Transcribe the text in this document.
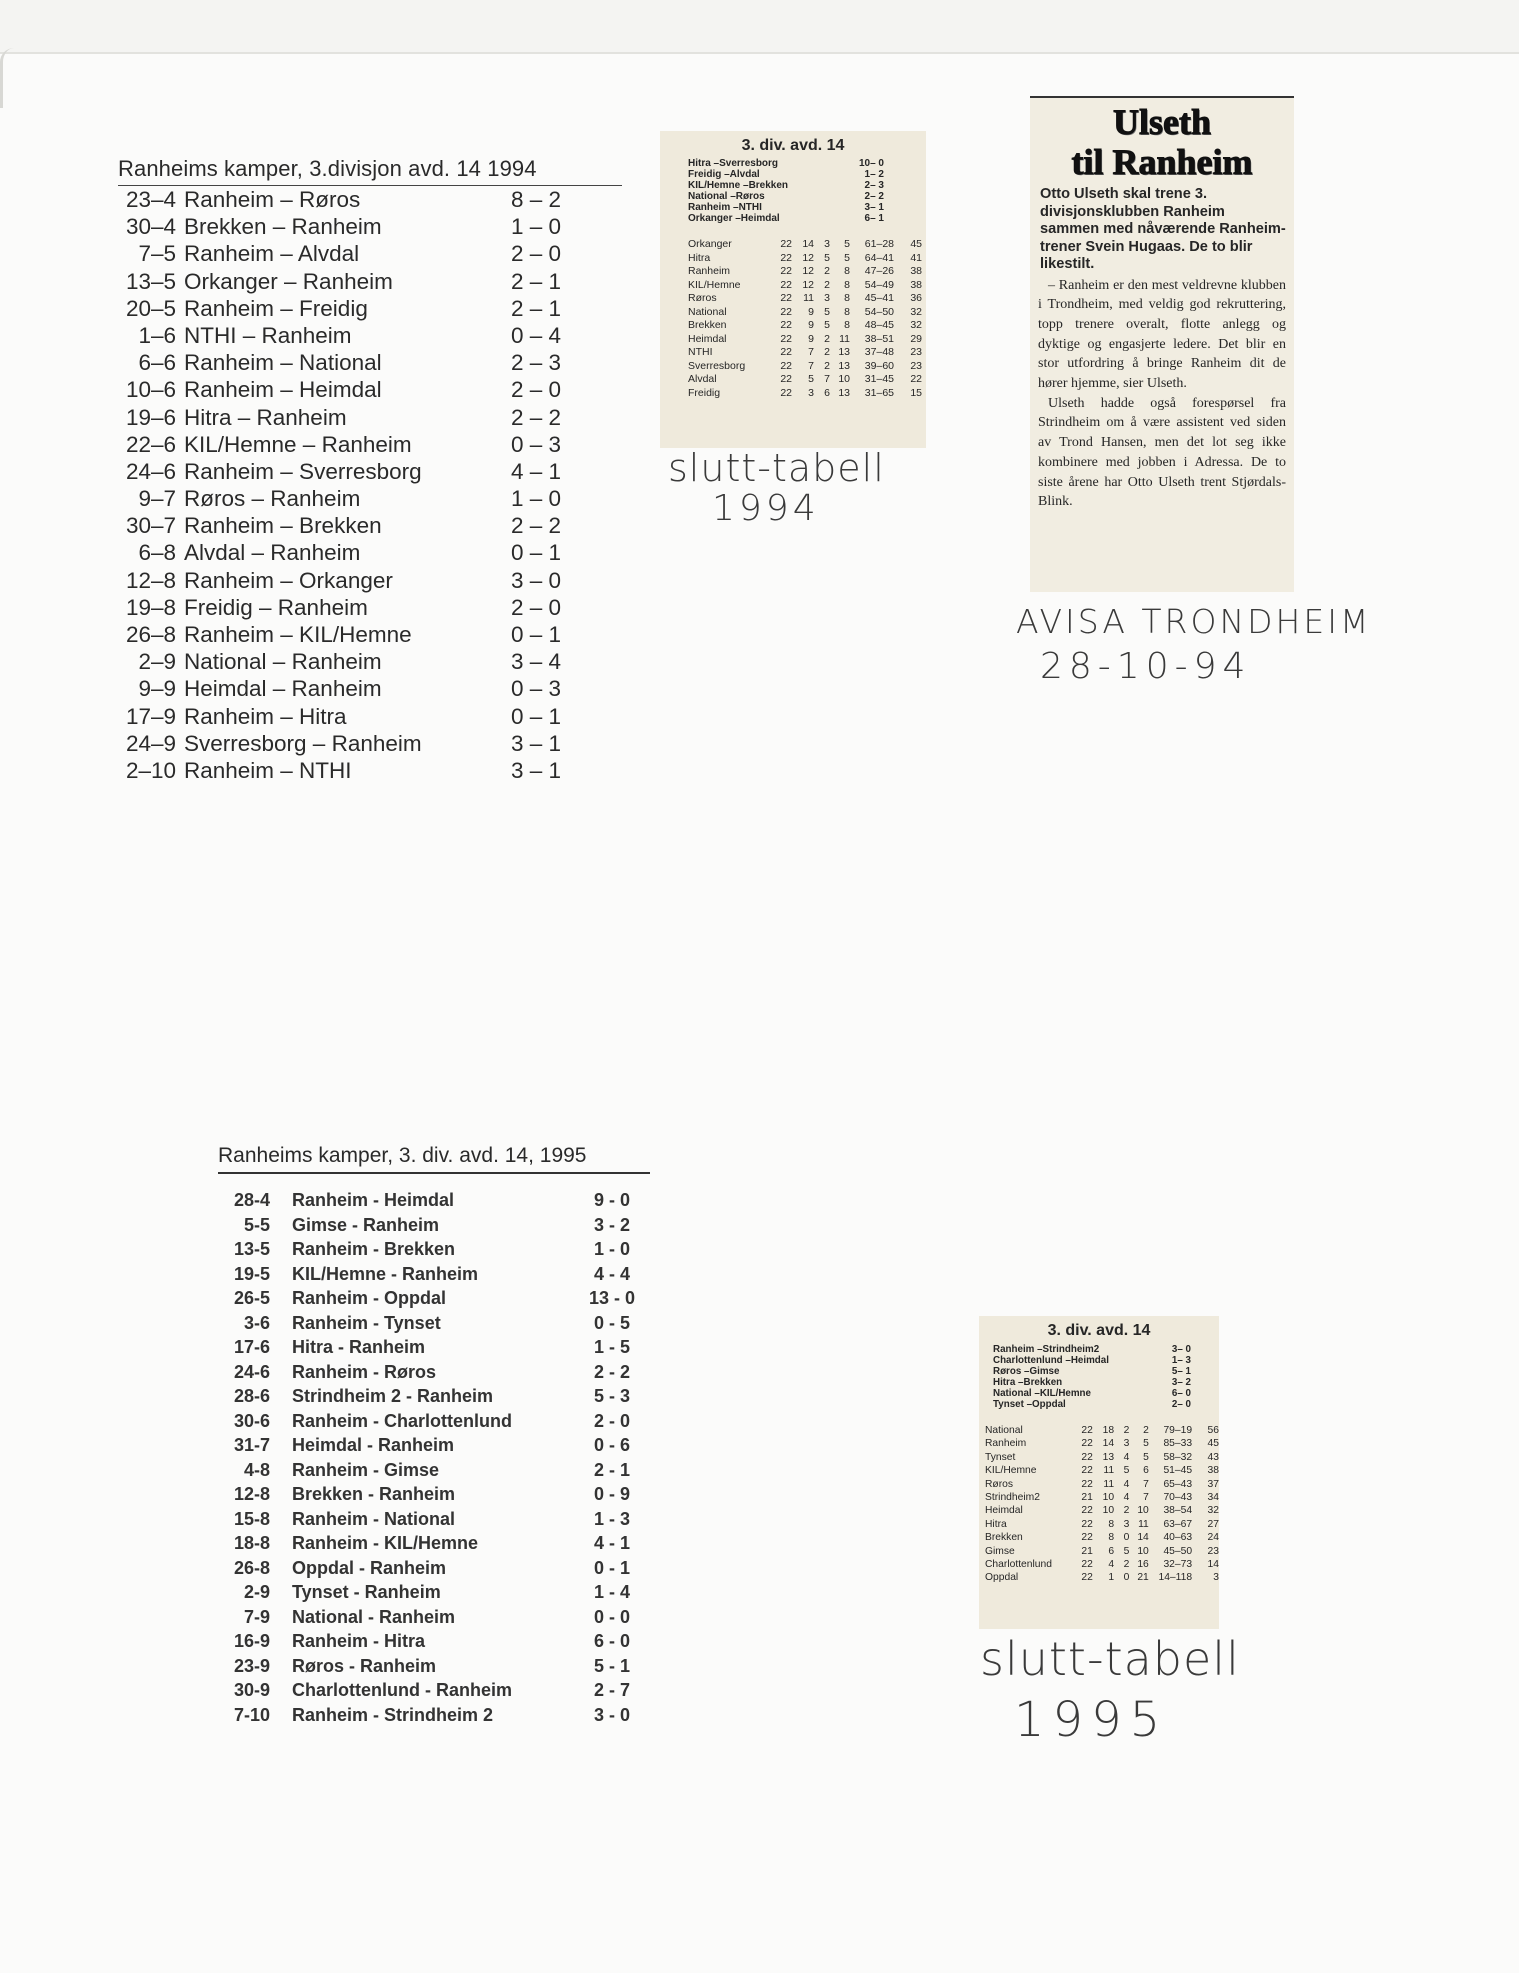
Ranheims kamper, 3.divisjon avd. 14 1994
23–4 Ranheim – Røros	8 – 2
30–4 Brekken – Ranheim	1 – 0
7–5 Ranheim – Alvdal	2 – 0
13–5 Orkanger – Ranheim	2 – 1
20–5 Ranheim – Freidig	2 – 1
1–6 NTHI – Ranheim	0 – 4
6–6 Ranheim – National	2 – 3
10–6 Ranheim – Heimdal	2 – 0
19–6 Hitra – Ranheim	2 – 2
22–6 KIL/Hemne – Ranheim	0 – 3
24–6 Ranheim – Sverresborg	4 – 1
9–7 Røros – Ranheim	1 – 0
30–7 Ranheim – Brekken	2 – 2
6–8 Alvdal – Ranheim	0 – 1
12–8 Ranheim – Orkanger	3 – 0
19–8 Freidig – Ranheim	2 – 0
26–8 Ranheim – KIL/Hemne	0 – 1
2–9 National – Ranheim	3 – 4
9–9 Heimdal – Ranheim	0 – 3
17–9 Ranheim – Hitra	0 – 1
24–9 Sverresborg – Ranheim	3 – 1
2–10 Ranheim – NTHI	3 – 1
3. div. avd. 14
Hitra –Sverresborg	10– 0
Freidig –Alvdal	1– 2
KIL/Hemne –Brekken	2– 3
National –Røros	2– 2
Ranheim –NTHI	3– 1
Orkanger –Heimdal	6– 1
Orkanger	22	14	3	5	61–28	45
Hitra	22	12	5	5	64–41	41
Ranheim	22	12	2	8	47–26	38
KIL/Hemne	22	12	2	8	54–49	38
Røros	22	11	3	8	45–41	36
National	22	9	5	8	54–50	32
Brekken	22	9	5	8	48–45	32
Heimdal	22	9	2	11	38–51	29
NTHI	22	7	2	13	37–48	23
Sverresborg	22	7	2	13	39–60	23
Alvdal	22	5	7	10	31–45	22
Freidig	22	3	6	13	31–65	15
Ulseth
til Ranheim
Otto Ulseth skal trene 3. divisjonsklubben Ranheim sammen med nåværende Ranheim-trener Svein Hugaas. De to blir likestilt.

– Ranheim er den mest veldrevne klubben i Trondheim, med veldig god rekruttering, topp trenere overalt, flotte anlegg og dyktige og engasjerte ledere. Det blir en stor utfordring å bringe Ranheim dit de hører hjemme, sier Ulseth.

Ulseth hadde også forespørsel fra Strindheim om å være assistent ved siden av Trond Hansen, men det lot seg ikke kombinere med jobben i Adressa. De to siste årene har Otto Ulseth trent Stjørdals-Blink.

slutt-tabell
1994
AVISA TRONDHEIM
28-10-94
Ranheims kamper, 3. div. avd. 14, 1995
28-4 Ranheim - Heimdal	9 - 0
5-5 Gimse - Ranheim	3 - 2
13-5 Ranheim - Brekken	1 - 0
19-5 KIL/Hemne - Ranheim	4 - 4
26-5 Ranheim - Oppdal	13 - 0
3-6 Ranheim - Tynset	0 - 5
17-6 Hitra - Ranheim	1 - 5
24-6 Ranheim - Røros	2 - 2
28-6 Strindheim 2 - Ranheim	5 - 3
30-6 Ranheim - Charlottenlund	2 - 0
31-7 Heimdal - Ranheim	0 - 6
4-8 Ranheim - Gimse	2 - 1
12-8 Brekken - Ranheim	0 - 9
15-8 Ranheim - National	1 - 3
18-8 Ranheim - KIL/Hemne	4 - 1
26-8 Oppdal - Ranheim	0 - 1
2-9 Tynset - Ranheim	1 - 4
7-9 National - Ranheim	0 - 0
16-9 Ranheim - Hitra	6 - 0
23-9 Røros - Ranheim	5 - 1
30-9 Charlottenlund - Ranheim	2 - 7
7-10 Ranheim - Strindheim 2	3 - 0
3. div. avd. 14
Ranheim –Strindheim2	3– 0
Charlottenlund –Heimdal	1– 3
Røros –Gimse	5– 1
Hitra –Brekken	3– 2
National –KIL/Hemne	6– 0
Tynset –Oppdal	2– 0
National	22	18	2	2	79–19	56
Ranheim	22	14	3	5	85–33	45
Tynset	22	13	4	5	58–32	43
KIL/Hemne	22	11	5	6	51–45	38
Røros	22	11	4	7	65–43	37
Strindheim2	21	10	4	7	70–43	34
Heimdal	22	10	2	10	38–54	32
Hitra	22	8	3	11	63–67	27
Brekken	22	8	0	14	40–63	24
Gimse	21	6	5	10	45–50	23
Charlottenlund	22	4	2	16	32–73	14
Oppdal	22	1	0	21	14–118	3
slutt-tabell
1995
